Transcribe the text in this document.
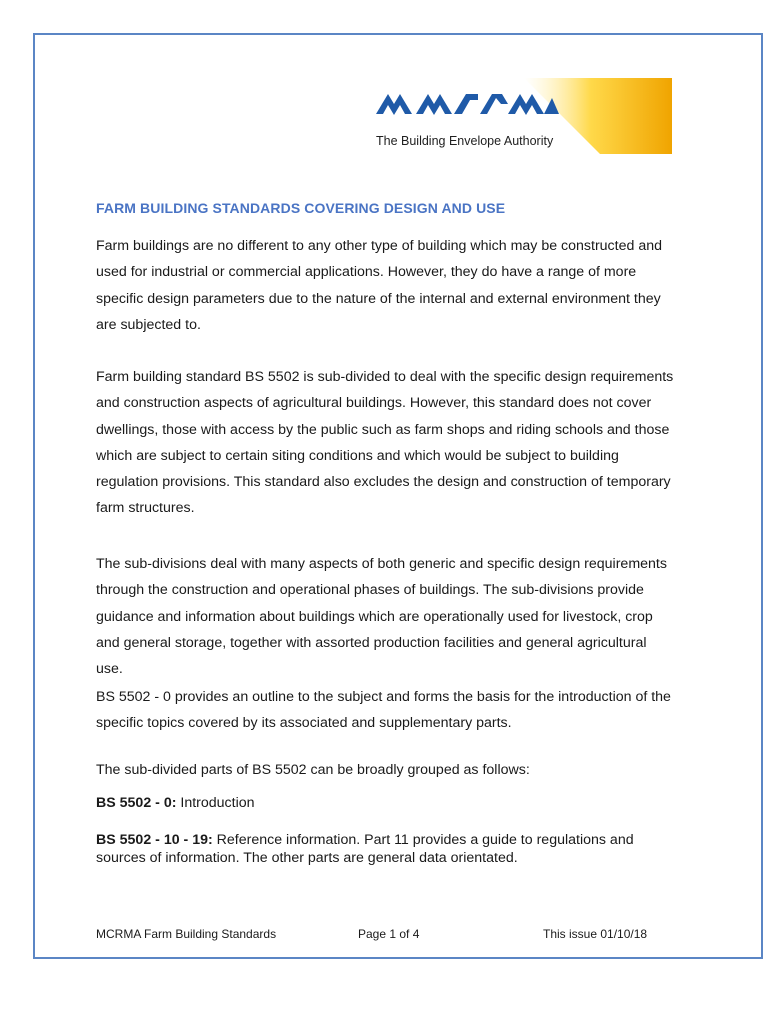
The Building Envelope Authority
FARM BUILDING STANDARDS COVERING DESIGN AND USE
Farm buildings are no different to any other type of building which may be constructed and used for industrial or commercial applications. However, they do have a range of more specific design parameters due to the nature of the internal and external environment they are subjected to.
Farm building standard BS 5502 is sub-divided to deal with the specific design requirements and construction aspects of agricultural buildings. However, this standard does not cover dwellings, those with access by the public such as farm shops and riding schools and those which are subject to certain siting conditions and which would be subject to building regulation provisions. This standard also excludes the design and construction of temporary farm structures.
The sub-divisions deal with many aspects of both generic and specific design requirements through the construction and operational phases of buildings. The sub-divisions provide guidance and information about buildings which are operationally used for livestock, crop and general storage, together with assorted production facilities and general agricultural use.
BS 5502 - 0 provides an outline to the subject and forms the basis for the introduction of the specific topics covered by its associated and supplementary parts.
The sub-divided parts of BS 5502 can be broadly grouped as follows:
BS 5502 - 0: Introduction
BS 5502 - 10 - 19: Reference information. Part 11 provides a guide to regulations and sources of information. The other parts are general data orientated.
MCRMA Farm Building Standards	Page 1 of 4	This issue 01/10/18
